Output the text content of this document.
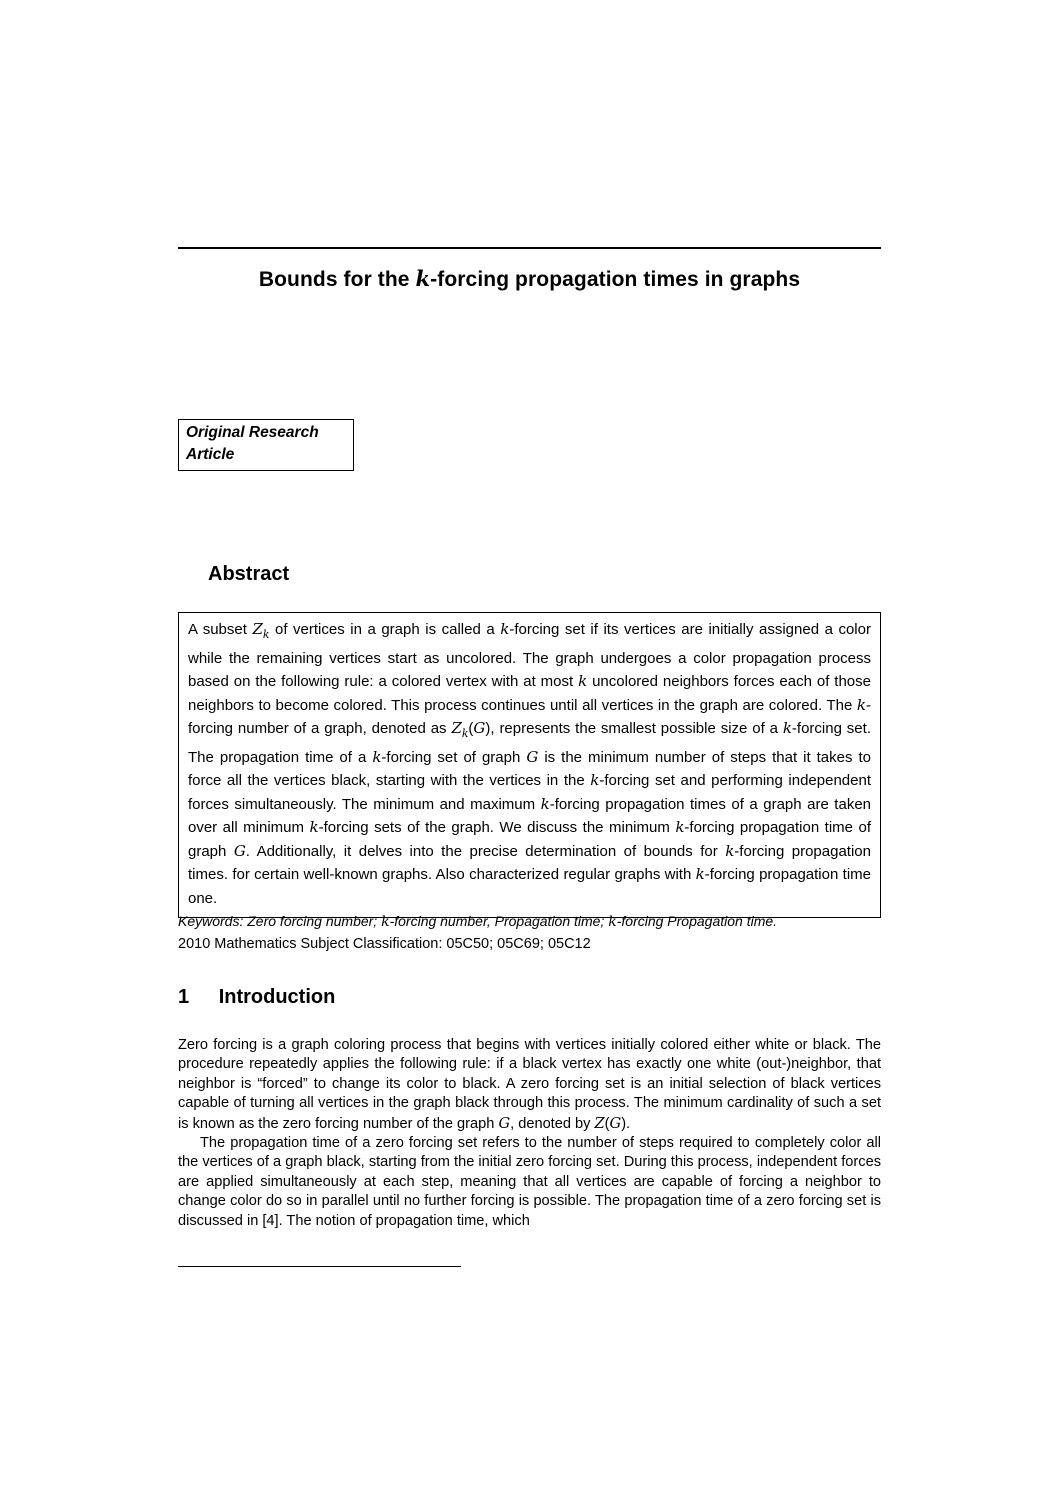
Bounds for the k-forcing propagation times in graphs
Original Research Article
Abstract

A subset $Z_k$ of vertices in a graph is called a k-forcing set if its vertices are initially assigned a color while the remaining vertices start as uncolored. The graph undergoes a color propagation process based on the following rule: a colored vertex with at most k uncolored neighbors forces each of those neighbors to become colored. This process continues until all vertices in the graph are colored. The k-forcing number of a graph, denoted as $Z_k(G)$, represents the smallest possible size of a k-forcing set. The propagation time of a k-forcing set of graph G is the minimum number of steps that it takes to force all the vertices black, starting with the vertices in the k-forcing set and performing independent forces simultaneously. The minimum and maximum k-forcing propagation times of a graph are taken over all minimum k-forcing sets of the graph. We discuss the minimum k-forcing propagation time of graph G. Additionally, it delves into the precise determination of bounds for k-forcing propagation times. for certain well-known graphs. Also characterized regular graphs with k-forcing propagation time one.

Keywords: Zero forcing number; k-forcing number, Propagation time; k-forcing Propagation time.

2010 Mathematics Subject Classification: 05C50; 05C69; 05C12

1 Introduction

Zero forcing is a graph coloring process that begins with vertices initially colored either white or black. The procedure repeatedly applies the following rule: if a black vertex has exactly one white (out-)neighbor, that neighbor is “forced” to change its color to black. A zero forcing set is an initial selection of black vertices capable of turning all vertices in the graph black through this process. The minimum cardinality of such a set is known as the zero forcing number of the graph G, denoted by Z(G).

The propagation time of a zero forcing set refers to the number of steps required to completely color all the vertices of a graph black, starting from the initial zero forcing set. During this process, independent forces are applied simultaneously at each step, meaning that all vertices are capable of forcing a neighbor to change color do so in parallel until no further forcing is possible. The propagation time of a zero forcing set is discussed in [4]. The notion of propagation time, which
